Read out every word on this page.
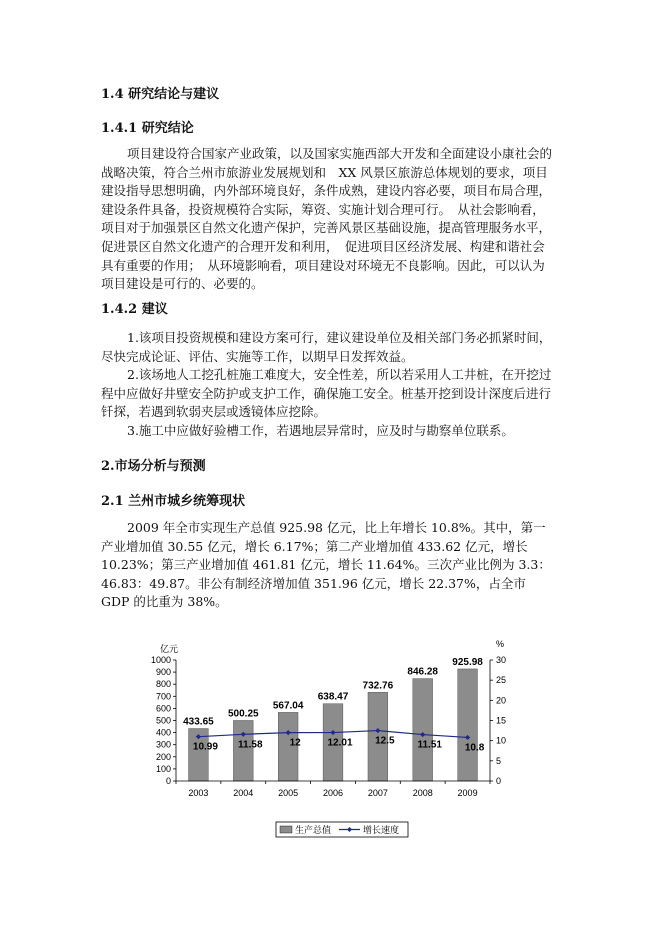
1.4 研究结论与建议
1.4.1 研究结论

项目建设符合国家产业政策，以及国家实施西部大开发和全面建设小康社会的战略决策，符合兰州市旅游业发展规划和　XX 风景区旅游总体规划的要求，项目建设指导思想明确，内外部环境良好，条件成熟，建设内容必要，项目布局合理，建设条件具备，投资规模符合实际，筹资、实施计划合理可行。　从社会影响看，项目对于加强景区自然文化遗产保护，完善风景区基础设施，提高管理服务水平，促进景区自然文化遗产的合理开发和利用，　促进项目区经济发展、构建和谐社会具有重要的作用；　从环境影响看，项目建设对环境无不良影响。因此，可以认为项目建设是可行的、必要的。

1.4.2 建议

1.该项目投资规模和建设方案可行，建议建设单位及相关部门务必抓紧时间，尽快完成论证、评估、实施等工作，以期早日发挥效益。

2.该场地人工挖孔桩施工难度大，安全性差，所以若采用人工井桩，在开挖过程中应做好井壁安全防护或支护工作，确保施工安全。桩基开挖到设计深度后进行钎探，若遇到软弱夹层或透镜体应挖除。

3.施工中应做好验槽工作，若遇地层异常时，应及时与勘察单位联系。

2.市场分析与预测
2.1 兰州市城乡统筹现状

2009 年全市实现生产总值 925.98 亿元，比上年增长 10.8%。其中，第一产业增加值 30.55 亿元，增长 6.17%；第二产业增加值 433.62 亿元，增长 10.23%；第三产业增加值 461.81 亿元，增长 11.64%。三次产业比例为 3.3：46.83：49.87。非公有制经济增加值 351.96 亿元，增长 22.37%，占全市 GDP 的比重为 38%。

0
100
200
300
400
500
600
700
800
900
1000
0
5
10
15
20
25
30
433.65
500.25
567.04
638.47
732.76
846.28
925.98
10.99 11.58	12	12.01 12.5 11.51 10.8
2003	2004	2005	2006	2007	2008	2009
亿元	%
生产总值	增长速度
